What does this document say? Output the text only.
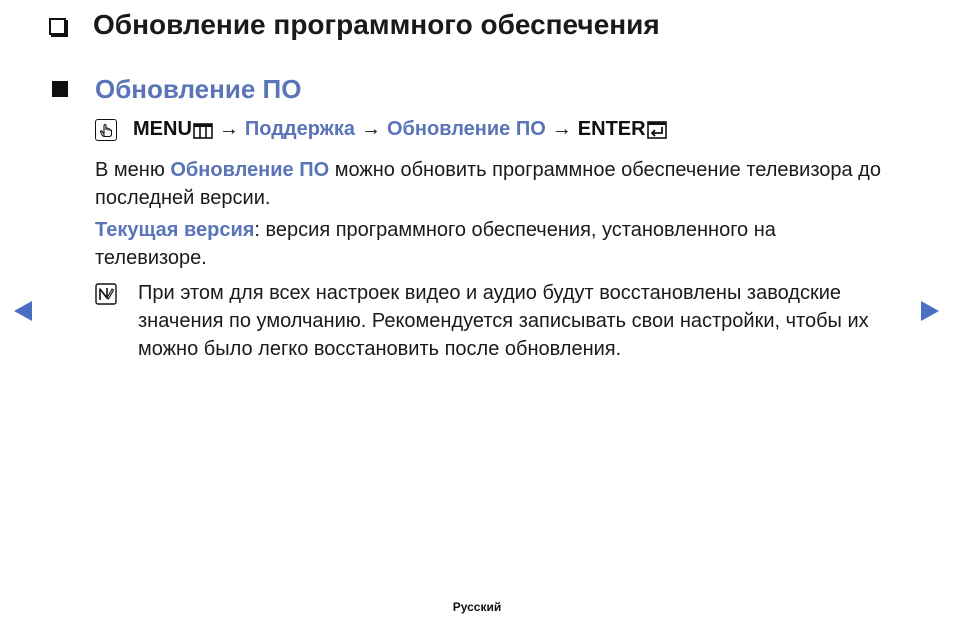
Обновление программного обеспечения
Обновление ПО
MENU → Поддержка → Обновление ПО → ENTER
В меню Обновление ПО можно обновить программное обеспечение телевизора до последней версии.
Текущая версия: версия программного обеспечения, установленного на телевизоре.
При этом для всех настроек видео и аудио будут восстановлены заводские значения по умолчанию. Рекомендуется записывать свои настройки, чтобы их можно было легко восстановить после обновления.
Русский
